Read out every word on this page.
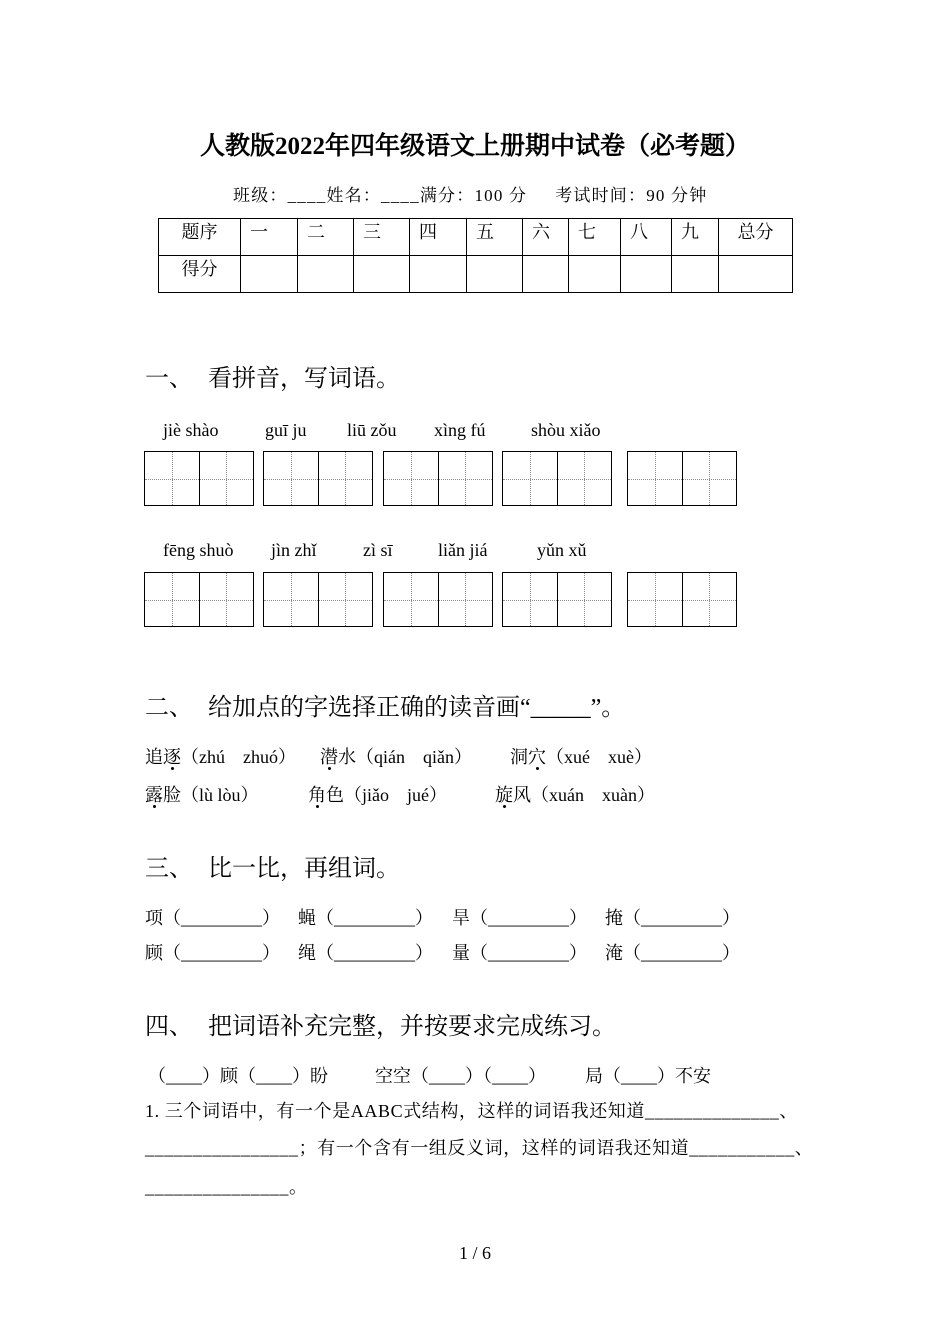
人教版2022年四年级语文上册期中试卷（必考题）
班级：____姓名：____满分：100 分 考试时间：90 分钟
题序	一	二	三	四	五	六	七	八	九	总分
得分										
一、 看拼音，写词语。
jiè shào	guī ju liū zǒu xìng fú	shòu xiǎo
fēng shuò jìn zhǐ	zì sī	liǎn jiá	yǔn xǔ
二、 给加点的字选择正确的读音画“_____”。
追逐（zhú　zhuó） 潜水（qián　qiǎn） 洞穴（xué　xuè）
露脸（lù lòu）	角色（jiǎo　jué）	旋风（xuán　xuàn）
三、 比一比，再组词。
项（_________） 蝇（_________） 旱（_________） 掩（_________）
顾（_________） 绳（_________） 量（_________） 淹（_________）
四、 把词语补充完整，并按要求完成练习。
（____）顾（____）盼	空空（____）（____） 局（____）不安
1. 三个词语中，有一个是AABC式结构，这样的词语我还知道______________、
________________；有一个含有一组反义词，这样的词语我还知道___________、
_______________。
1 / 6
